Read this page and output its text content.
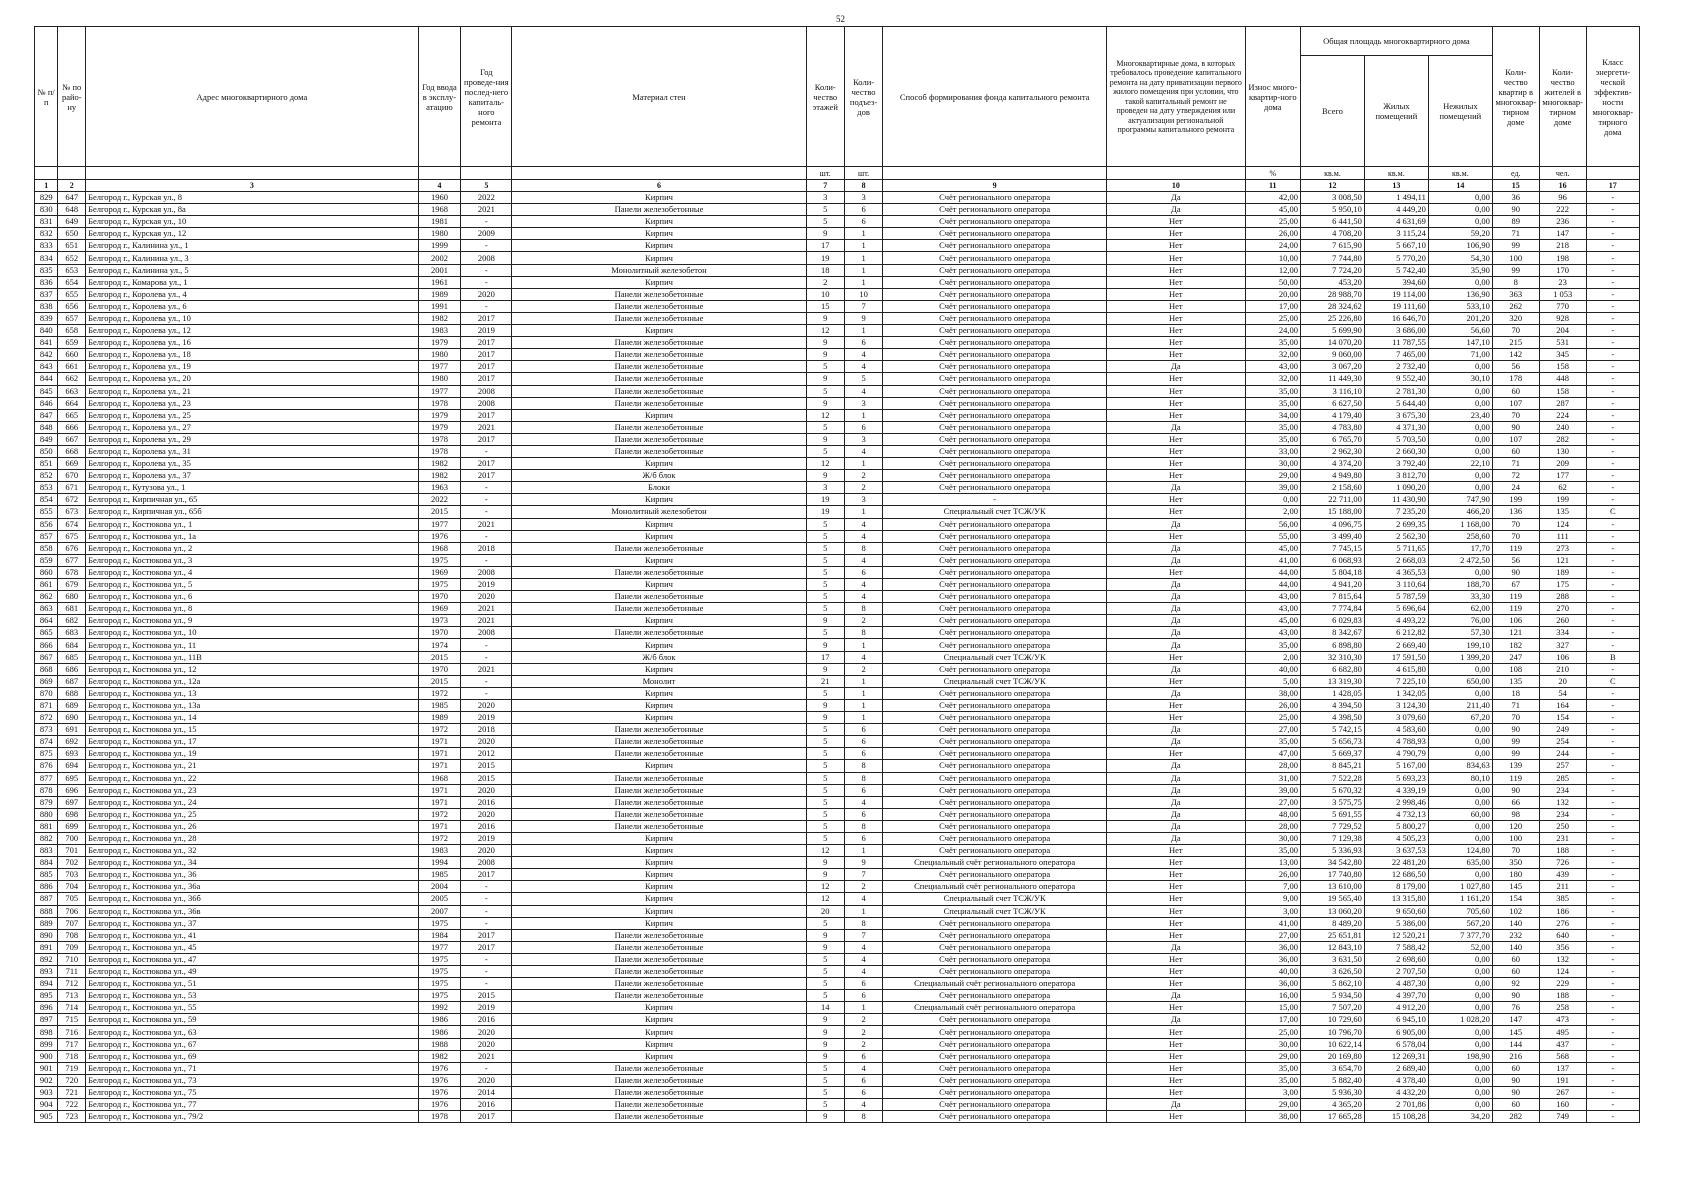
52
№ п/п	№ по райо-ну	Адрес многоквартирного дома	Год ввода в эксплу-атацию	Год проведе-ния послед-него капиталь-ного ремонта	Материал стен	Коли-чество этажей	Коли-чество подъез-дов	Способ формирования фонда капитального ремонта	Многоквартирные дома, в которых требовалось проведение капитального ремонта на дату приватизации первого жилого помещения при условии, что такой капитальный ремонт не проведен на дату утверждения или актуализации региональной программы капитального ремонта	Износ много-квартир-ного дома	Общая площадь многоквартирного дома			Коли-чество квартир в многоквар-тирном доме	Коли-чество жителей в многоквар-тирном доме	Класс энергети-ческой эффектив-ности многоквар-тирного дома
											Всего	Жилых помещений	Нежилых помещений			
						шт.	шт.			%	кв.м.	кв.м.	кв.м.	ед.	чел.	
1	2	3	4	5	6	7	8	9	10	11	12	13	14	15	16	17
829	647	Белгород г., Курская ул., 8	1960	2022	Кирпич	3	3	Счёт регионального оператора	Да	42,00	3 008,50	1 494,11	0,00	36	96	-
830	648	Белгород г., Курская ул., 8а	1968	2021	Панели железобетонные	5	6	Счёт регионального оператора	Да	45,00	5 950,10	4 449,20	0,00	90	222	-
831	649	Белгород г., Курская ул., 10	1981	-	Кирпич	5	6	Счёт регионального оператора	Нет	25,00	6 441,50	4 631,69	0,00	89	236	-
832	650	Белгород г., Курская ул., 12	1980	2009	Кирпич	9	1	Счёт регионального оператора	Нет	26,00	4 708,20	3 115,24	59,20	71	147	-
833	651	Белгород г., Калинина ул., 1	1999	-	Кирпич	17	1	Счёт регионального оператора	Нет	24,00	7 615,90	5 667,10	106,90	99	218	-
834	652	Белгород г., Калинина ул., 3	2002	2008	Кирпич	19	1	Счёт регионального оператора	Нет	10,00	7 744,80	5 770,20	54,30	100	198	-
835	653	Белгород г., Калинина ул., 5	2001	-	Монолитный железобетон	18	1	Счёт регионального оператора	Нет	12,00	7 724,20	5 742,40	35,90	99	170	-
836	654	Белгород г., Комарова ул., 1	1961	-	Кирпич	2	1	Счёт регионального оператора	Нет	50,00	453,20	394,60	0,00	8	23	-
837	655	Белгород г., Королева ул., 4	1989	2020	Панели железобетонные	10	10	Счёт регионального оператора	Нет	20,00	28 988,70	19 114,00	136,90	363	1 053	-
838	656	Белгород г., Королева ул., 6	1991	-	Панели железобетонные	15	7	Счёт регионального оператора	Нет	17,00	28 324,62	19 111,60	533,10	262	770	-
839	657	Белгород г., Королева ул., 10	1982	2017	Панели железобетонные	9	9	Счёт регионального оператора	Нет	25,00	25 226,80	16 646,70	201,20	320	928	-
840	658	Белгород г., Королева ул., 12	1983	2019	Кирпич	12	1	Счёт регионального оператора	Нет	24,00	5 699,90	3 686,00	56,60	70	204	-
841	659	Белгород г., Королева ул., 16	1979	2017	Панели железобетонные	9	6	Счёт регионального оператора	Нет	35,00	14 070,20	11 787,55	147,10	215	531	-
842	660	Белгород г., Королева ул., 18	1980	2017	Панели железобетонные	9	4	Счёт регионального оператора	Нет	32,00	9 060,00	7 465,00	71,00	142	345	-
843	661	Белгород г., Королева ул., 19	1977	2017	Панели железобетонные	5	4	Счёт регионального оператора	Да	43,00	3 067,20	2 732,40	0,00	56	158	-
844	662	Белгород г., Королева ул., 20	1980	2017	Панели железобетонные	9	5	Счёт регионального оператора	Нет	32,00	11 449,30	9 552,40	30,10	178	448	-
845	663	Белгород г., Королева ул., 21	1977	2008	Панели железобетонные	5	4	Счёт регионального оператора	Нет	35,00	3 116,10	2 781,30	0,00	60	158	-
846	664	Белгород г., Королева ул., 23	1978	2008	Панели железобетонные	9	3	Счёт регионального оператора	Нет	35,00	6 627,50	5 644,40	0,00	107	287	-
847	665	Белгород г., Королева ул., 25	1979	2017	Кирпич	12	1	Счёт регионального оператора	Нет	34,00	4 179,40	3 675,30	23,40	70	224	-
848	666	Белгород г., Королева ул., 27	1979	2021	Панели железобетонные	5	6	Счёт регионального оператора	Да	35,00	4 783,80	4 371,30	0,00	90	240	-
849	667	Белгород г., Королева ул., 29	1978	2017	Панели железобетонные	9	3	Счёт регионального оператора	Нет	35,00	6 765,70	5 703,50	0,00	107	282	-
850	668	Белгород г., Королева ул., 31	1978	-	Панели железобетонные	5	4	Счёт регионального оператора	Нет	33,00	2 962,30	2 660,30	0,00	60	130	-
851	669	Белгород г., Королева ул., 35	1982	2017	Кирпич	12	1	Счёт регионального оператора	Нет	30,00	4 374,20	3 792,40	22,10	71	209	-
852	670	Белгород г., Королева ул., 37	1982	2017	Ж/б блок	9	2	Счёт регионального оператора	Нет	29,00	4 949,80	3 812,70	0,00	72	177	-
853	671	Белгород г., Кутузова ул., 1	1963	-	Блоки	3	2	Счёт регионального оператора	Да	39,00	2 158,60	1 090,20	0,00	24	62	-
854	672	Белгород г., Кирпичная ул., 65	2022	-	Кирпич	19	3	-	Нет	0,00	22 711,00	11 430,90	747,90	199	199	-
855	673	Белгород г., Кирпичная ул., 65б	2015	-	Монолитный железобетон	19	1	Специальный счет ТСЖ/УК	Нет	2,00	15 188,00	7 235,20	466,20	136	135	С
856	674	Белгород г., Костюкова ул., 1	1977	2021	Кирпич	5	4	Счёт регионального оператора	Да	56,00	4 096,75	2 699,35	1 168,00	70	124	-
857	675	Белгород г., Костюкова ул., 1а	1976	-	Кирпич	5	4	Счёт регионального оператора	Нет	55,00	3 499,40	2 562,30	258,60	70	111	-
858	676	Белгород г., Костюкова ул., 2	1968	2018	Панели железобетонные	5	8	Счёт регионального оператора	Да	45,00	7 745,15	5 711,65	17,70	119	273	-
859	677	Белгород г., Костюкова ул., 3	1975	-	Кирпич	5	4	Счёт регионального оператора	Да	41,00	6 068,93	2 668,03	2 472,50	56	121	-
860	678	Белгород г., Костюкова ул., 4	1969	2008	Панели железобетонные	5	6	Счёт регионального оператора	Нет	44,00	5 804,18	4 365,53	0,00	90	189	-
861	679	Белгород г., Костюкова ул., 5	1975	2019	Кирпич	5	4	Счёт регионального оператора	Да	44,00	4 941,20	3 110,64	188,70	67	175	-
862	680	Белгород г., Костюкова ул., 6	1970	2020	Панели железобетонные	5	4	Счёт регионального оператора	Да	43,00	7 815,64	5 787,59	33,30	119	288	-
863	681	Белгород г., Костюкова ул., 8	1969	2021	Панели железобетонные	5	8	Счёт регионального оператора	Да	43,00	7 774,84	5 696,64	62,00	119	270	-
864	682	Белгород г., Костюкова ул., 9	1973	2021	Кирпич	9	2	Счёт регионального оператора	Да	45,00	6 029,83	4 493,22	76,00	106	260	-
865	683	Белгород г., Костюкова ул., 10	1970	2008	Панели железобетонные	5	8	Счёт регионального оператора	Да	43,00	8 342,67	6 212,82	57,30	121	334	-
866	684	Белгород г., Костюкова ул., 11	1974	-	Кирпич	9	1	Счёт регионального оператора	Да	35,00	6 898,80	2 669,40	199,10	182	327	-
867	685	Белгород г., Костюкова ул., 11В	2015	-	Ж/б блок	17	4	Специальный счет ТСЖ/УК	Нет	2,00	32 310,30	17 591,50	1 399,20	247	106	В
868	686	Белгород г., Костюкова ул., 12	1970	2021	Кирпич	9	2	Счёт регионального оператора	Да	40,00	6 682,80	4 615,80	0,00	108	210	-
869	687	Белгород г., Костюкова ул., 12а	2015	-	Монолит	21	1	Специальный счет ТСЖ/УК	Нет	5,00	13 319,30	7 225,10	650,00	135	20	С
870	688	Белгород г., Костюкова ул., 13	1972	-	Кирпич	5	1	Счёт регионального оператора	Да	38,00	1 428,05	1 342,05	0,00	18	54	-
871	689	Белгород г., Костюкова ул., 13а	1985	2020	Кирпич	9	1	Счёт регионального оператора	Нет	26,00	4 394,50	3 124,30	211,40	71	164	-
872	690	Белгород г., Костюкова ул., 14	1989	2019	Кирпич	9	1	Счёт регионального оператора	Нет	25,00	4 398,50	3 079,60	67,20	70	154	-
873	691	Белгород г., Костюкова ул., 15	1972	2018	Панели железобетонные	5	6	Счёт регионального оператора	Да	27,00	5 742,15	4 583,60	0,00	90	249	-
874	692	Белгород г., Костюкова ул., 17	1971	2020	Панели железобетонные	5	6	Счёт регионального оператора	Да	35,00	5 656,73	4 788,93	0,00	99	254	-
875	693	Белгород г., Костюкова ул., 19	1971	2012	Панели железобетонные	5	6	Счёт регионального оператора	Нет	47,00	5 669,37	4 790,79	0,00	99	244	-
876	694	Белгород г., Костюкова ул., 21	1971	2015	Кирпич	5	8	Счёт регионального оператора	Да	28,00	8 845,21	5 167,00	834,63	139	257	-
877	695	Белгород г., Костюкова ул., 22	1968	2015	Панели железобетонные	5	8	Счёт регионального оператора	Да	31,00	7 522,28	5 693,23	80,10	119	285	-
878	696	Белгород г., Костюкова ул., 23	1971	2020	Панели железобетонные	5	6	Счёт регионального оператора	Да	39,00	5 670,32	4 339,19	0,00	90	234	-
879	697	Белгород г., Костюкова ул., 24	1971	2016	Панели железобетонные	5	4	Счёт регионального оператора	Да	27,00	3 575,75	2 998,46	0,00	66	132	-
880	698	Белгород г., Костюкова ул., 25	1972	2020	Панели железобетонные	5	6	Счёт регионального оператора	Да	48,00	5 691,55	4 732,13	60,00	98	234	-
881	699	Белгород г., Костюкова ул., 26	1971	2016	Панели железобетонные	5	8	Счёт регионального оператора	Да	28,00	7 729,52	5 800,27	0,00	120	250	-
882	700	Белгород г., Костюкова ул., 28	1972	2019	Кирпич	5	6	Счёт регионального оператора	Да	30,00	7 129,38	4 505,23	0,00	100	231	-
883	701	Белгород г., Костюкова ул., 32	1983	2020	Кирпич	12	1	Счёт регионального оператора	Нет	35,00	5 336,93	3 637,53	124,80	70	188	-
884	702	Белгород г., Костюкова ул., 34	1994	2008	Кирпич	9	9	Специальный счёт регионального оператора	Нет	13,00	34 542,80	22 481,20	635,00	350	726	-
885	703	Белгород г., Костюкова ул., 36	1985	2017	Кирпич	9	7	Счёт регионального оператора	Нет	26,00	17 740,80	12 686,50	0,00	180	439	-
886	704	Белгород г., Костюкова ул., 36а	2004	-	Кирпич	12	2	Специальный счёт регионального оператора	Нет	7,00	13 610,00	8 179,00	1 027,80	145	211	-
887	705	Белгород г., Костюкова ул., 36б	2005	-	Кирпич	12	4	Специальный счет ТСЖ/УК	Нет	9,00	19 565,40	13 315,80	1 161,20	154	385	-
888	706	Белгород г., Костюкова ул., 36в	2007	-	Кирпич	20	1	Специальный счет ТСЖ/УК	Нет	3,00	13 060,20	9 650,60	705,60	102	186	-
889	707	Белгород г., Костюкова ул., 37	1975	-	Кирпич	5	8	Счёт регионального оператора	Нет	41,00	8 489,20	5 386,00	567,20	140	276	-
890	708	Белгород г., Костюкова ул., 41	1984	2017	Панели железобетонные	9	7	Счёт регионального оператора	Нет	27,00	25 651,81	12 520,21	7 377,70	232	640	-
891	709	Белгород г., Костюкова ул., 45	1977	2017	Панели железобетонные	9	4	Счёт регионального оператора	Да	36,00	12 843,10	7 588,42	52,00	140	356	-
892	710	Белгород г., Костюкова ул., 47	1975	-	Панели железобетонные	5	4	Счёт регионального оператора	Нет	36,00	3 631,50	2 698,60	0,00	60	132	-
893	711	Белгород г., Костюкова ул., 49	1975	-	Панели железобетонные	5	4	Счёт регионального оператора	Нет	40,00	3 626,50	2 707,50	0,00	60	124	-
894	712	Белгород г., Костюкова ул., 51	1975	-	Панели железобетонные	5	6	Специальный счёт регионального оператора	Нет	36,00	5 862,10	4 487,30	0,00	92	229	-
895	713	Белгород г., Костюкова ул., 53	1975	2015	Панели железобетонные	5	6	Счёт регионального оператора	Да	16,00	5 934,50	4 397,70	0,00	90	188	-
896	714	Белгород г., Костюкова ул., 55	1992	2019	Кирпич	14	1	Специальный счёт регионального оператора	Нет	15,00	7 507,20	4 912,20	0,00	76	258	-
897	715	Белгород г., Костюкова ул., 59	1986	2016	Кирпич	9	2	Счёт регионального оператора	Да	17,00	10 729,60	6 945,10	1 028,20	147	473	-
898	716	Белгород г., Костюкова ул., 63	1986	2020	Кирпич	9	2	Счёт регионального оператора	Нет	25,00	10 796,70	6 905,00	0,00	145	495	-
899	717	Белгород г., Костюкова ул., 67	1988	2020	Кирпич	9	2	Счёт регионального оператора	Нет	30,00	10 622,14	6 578,04	0,00	144	437	-
900	718	Белгород г., Костюкова ул., 69	1982	2021	Кирпич	9	6	Счёт регионального оператора	Нет	29,00	20 169,80	12 269,31	198,90	216	568	-
901	719	Белгород г., Костюкова ул., 71	1976	-	Панели железобетонные	5	4	Счёт регионального оператора	Нет	35,00	3 654,70	2 689,40	0,00	60	137	-
902	720	Белгород г., Костюкова ул., 73	1976	2020	Панели железобетонные	5	6	Счёт регионального оператора	Нет	35,00	5 882,40	4 378,40	0,00	90	191	-
903	721	Белгород г., Костюкова ул., 75	1976	2014	Панели железобетонные	5	6	Счёт регионального оператора	Нет	3,00	5 936,30	4 432,20	0,00	90	267	-
904	722	Белгород г., Костюкова ул., 77	1976	2016	Панели железобетонные	5	4	Счёт регионального оператора	Да	29,00	4 365,20	2 701,86	0,00	60	160	-
905	723	Белгород г., Костюкова ул., 79/2	1978	2017	Панели железобетонные	9	8	Счёт регионального оператора	Нет	38,00	17 665,28	15 108,28	34,20	282	749	-
